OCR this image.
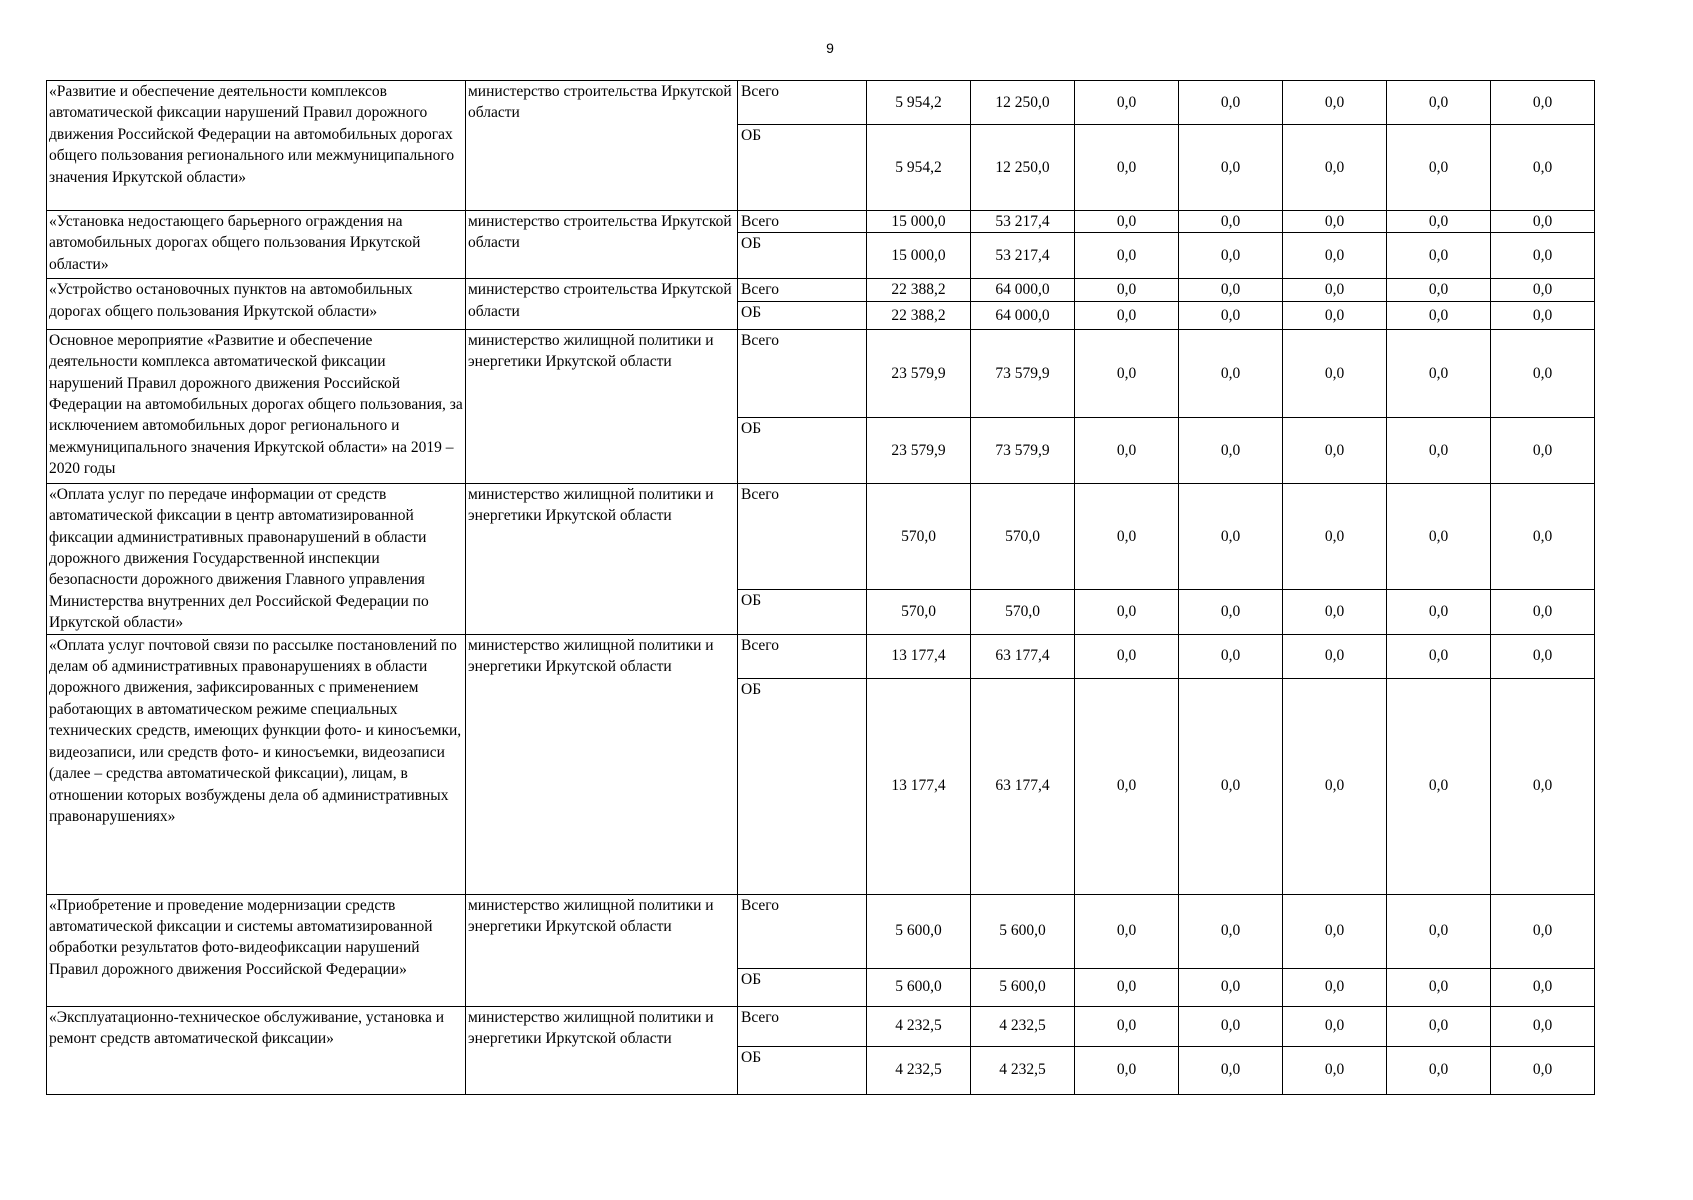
9
«Развитие и обеспечение деятельности комплексов автоматической фиксации нарушений Правил дорожного движения Российской Федерации на автомобильных дорогах общего пользования регионального или межмуниципального значения Иркутской области»	министерство строительства Иркутской области	Всего	5 954,2	12 250,0	0,0	0,0	0,0	0,0	0,0
		ОБ	5 954,2	12 250,0	0,0	0,0	0,0	0,0	0,0
«Установка недостающего барьерного ограждения на автомобильных дорогах общего пользования Иркутской области»	министерство строительства Иркутской области	Всего	15 000,0	53 217,4	0,0	0,0	0,0	0,0	0,0
		ОБ	15 000,0	53 217,4	0,0	0,0	0,0	0,0	0,0
«Устройство остановочных пунктов на автомобильных дорогах общего пользования Иркутской области»	министерство строительства Иркутской области	Всего	22 388,2	64 000,0	0,0	0,0	0,0	0,0	0,0
		ОБ	22 388,2	64 000,0	0,0	0,0	0,0	0,0	0,0
Основное мероприятие «Развитие и обеспечение деятельности комплекса автоматической фиксации нарушений Правил дорожного движения Российской Федерации на автомобильных дорогах общего пользования, за исключением автомобильных дорог регионального и межмуниципального значения Иркутской области» на 2019 – 2020 годы	министерство жилищной политики и энергетики Иркутской области	Всего	23 579,9	73 579,9	0,0	0,0	0,0	0,0	0,0
		ОБ	23 579,9	73 579,9	0,0	0,0	0,0	0,0	0,0
«Оплата услуг по передаче информации от средств автоматической фиксации в центр автоматизированной фиксации административных правонарушений в области дорожного движения Государственной инспекции безопасности дорожного движения Главного управления Министерства внутренних дел Российской Федерации по Иркутской области»	министерство жилищной политики и энергетики Иркутской области	Всего	570,0	570,0	0,0	0,0	0,0	0,0	0,0
		ОБ	570,0	570,0	0,0	0,0	0,0	0,0	0,0
«Оплата услуг почтовой связи по рассылке постановлений по делам об административных правонарушениях в области дорожного движения, зафиксированных с применением работающих в автоматическом режиме специальных технических средств, имеющих функции фото- и киносъемки, видеозаписи, или средств фото- и киносъемки, видеозаписи (далее – средства автоматической фиксации), лицам, в отношении которых возбуждены дела об административных правонарушениях»	министерство жилищной политики и энергетики Иркутской области	Всего	13 177,4	63 177,4	0,0	0,0	0,0	0,0	0,0
		ОБ	13 177,4	63 177,4	0,0	0,0	0,0	0,0	0,0
«Приобретение и проведение модернизации средств автоматической фиксации и системы автоматизированной обработки результатов фото-видеофиксации нарушений Правил дорожного движения Российской Федерации»	министерство жилищной политики и энергетики Иркутской области	Всего	5 600,0	5 600,0	0,0	0,0	0,0	0,0	0,0
		ОБ	5 600,0	5 600,0	0,0	0,0	0,0	0,0	0,0
«Эксплуатационно-техническое обслуживание, установка и ремонт средств автоматической фиксации»	министерство жилищной политики и энергетики Иркутской области	Всего	4 232,5	4 232,5	0,0	0,0	0,0	0,0	0,0
		ОБ	4 232,5	4 232,5	0,0	0,0	0,0	0,0	0,0
